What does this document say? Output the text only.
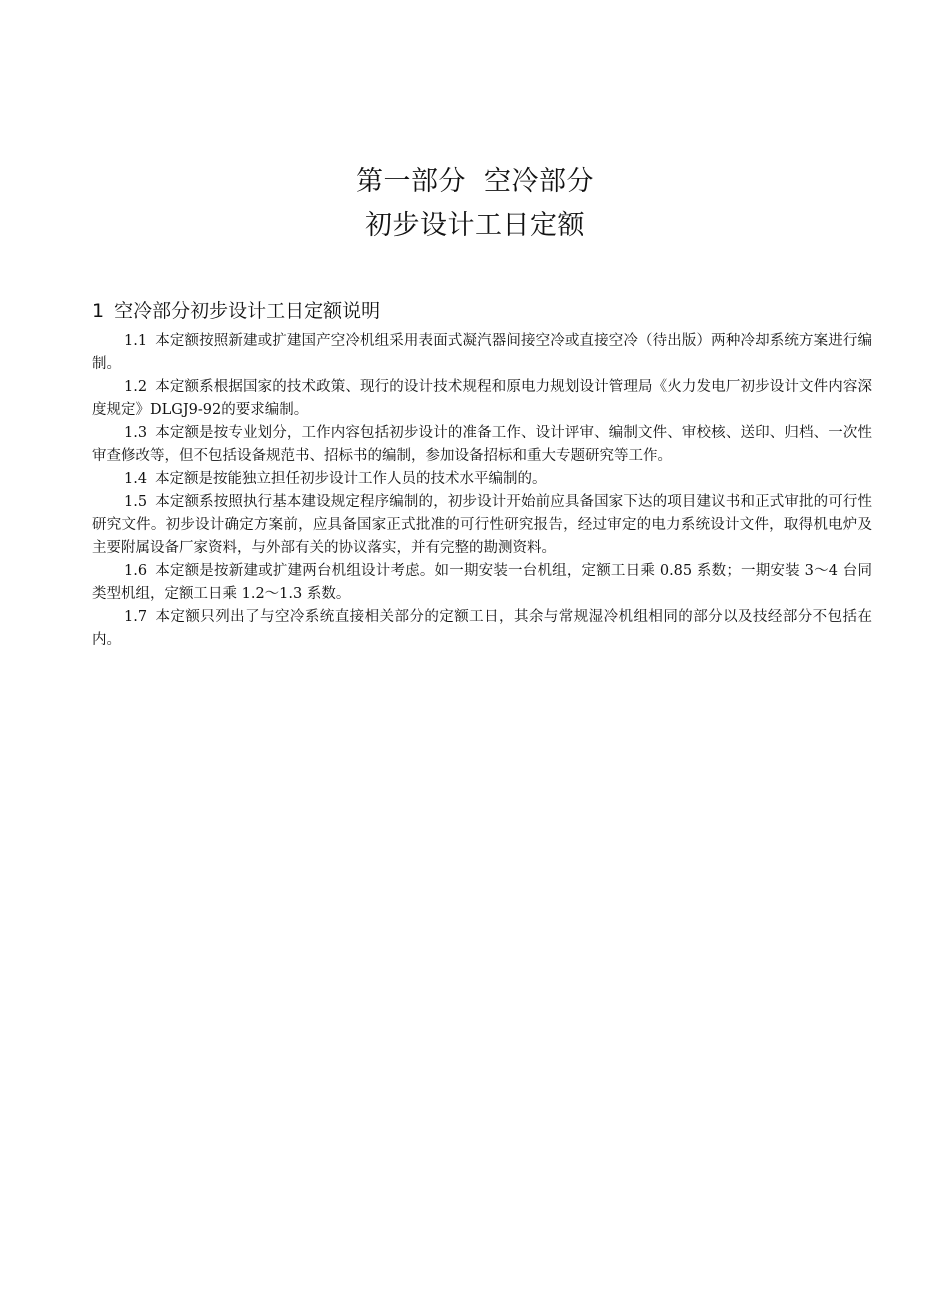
第一部分 空冷部分
初步设计工日定额
1 空冷部分初步设计工日定额说明

1.1 本定额按照新建或扩建国产空冷机组采用表面式凝汽器间接空冷或直接空冷（待出版）两种冷却系统方案进行编制。

1.2 本定额系根据国家的技术政策、现行的设计技术规程和原电力规划设计管理局《火力发电厂初步设计文件内容深度规定》DLGJ9-92的要求编制。

1.3 本定额是按专业划分，工作内容包括初步设计的准备工作、设计评审、编制文件、审校核、送印、归档、一次性审查修改等，但不包括设备规范书、招标书的编制，参加设备招标和重大专题研究等工作。

1.4 本定额是按能独立担任初步设计工作人员的技术水平编制的。

1.5 本定额系按照执行基本建设规定程序编制的，初步设计开始前应具备国家下达的项目建议书和正式审批的可行性研究文件。初步设计确定方案前，应具备国家正式批准的可行性研究报告，经过审定的电力系统设计文件，取得机电炉及主要附属设备厂家资料，与外部有关的协议落实，并有完整的勘测资料。

1.6 本定额是按新建或扩建两台机组设计考虑。如一期安装一台机组，定额工日乘 0.85 系数；一期安装 3～4 台同类型机组，定额工日乘 1.2～1.3 系数。

1.7 本定额只列出了与空冷系统直接相关部分的定额工日，其余与常规湿冷机组相同的部分以及技经部分不包括在内。
